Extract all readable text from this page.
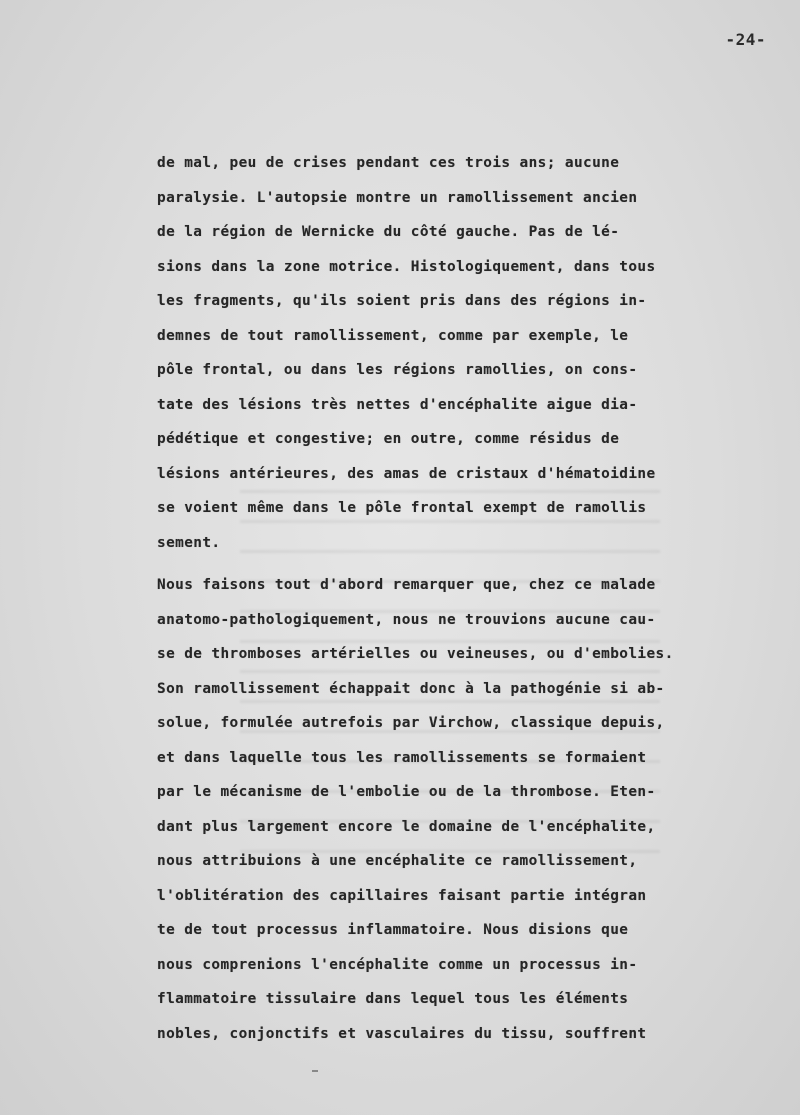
-24-
de mal, peu de crises pendant ces trois ans; aucune
paralysie. L'autopsie montre un ramollissement ancien
de la région de Wernicke du côté gauche. Pas de lé-
sions dans la zone motrice. Histologiquement, dans tous
les fragments, qu'ils soient pris dans des régions in-
demnes de tout ramollissement, comme par exemple, le
pôle frontal, ou dans les régions ramollies, on cons-
tate des lésions très nettes d'encéphalite aigue dia-
pédétique et congestive; en outre, comme résidus de
lésions antérieures, des amas de cristaux d'hématoidine
se voient même dans le pôle frontal exempt de ramollis
sement.
Nous faisons tout d'abord remarquer que, chez ce malade
anatomo-pathologiquement, nous ne trouvions aucune cau-
se de thromboses artérielles ou veineuses, ou d'embolies.
Son ramollissement échappait donc à la pathogénie si ab-
solue, formulée autrefois par Virchow, classique depuis,
et dans laquelle tous les ramollissements se formaient
par le mécanisme de l'embolie ou de la thrombose. Eten-
dant plus largement encore le domaine de l'encéphalite,
nous attribuions à une encéphalite ce ramollissement,
l'oblitération des capillaires faisant partie intégran
te de tout processus inflammatoire. Nous disions que
nous comprenions l'encéphalite comme un processus in-
flammatoire tissulaire dans lequel tous les éléments
nobles, conjonctifs et vasculaires du tissu, souffrent
